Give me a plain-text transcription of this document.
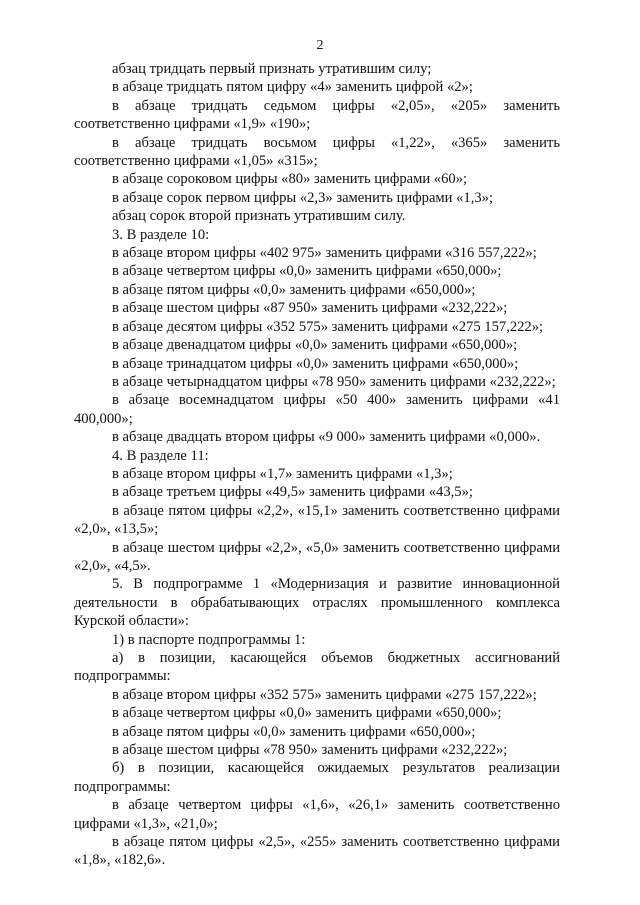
2

абзац тридцать первый признать утратившим силу;

в абзаце тридцать пятом цифру «4» заменить цифрой «2»;

в абзаце тридцать седьмом цифры «2,05», «205» заменить соответственно цифрами «1,9» «190»;

в абзаце тридцать восьмом цифры «1,22», «365» заменить соответственно цифрами «1,05» «315»;

в абзаце сороковом цифры «80» заменить цифрами «60»;

в абзаце сорок первом цифры «2,3» заменить цифрами «1,3»;

абзац сорок второй признать утратившим силу.

3. В разделе 10:

в абзаце втором цифры «402 975» заменить цифрами «316 557,222»;

в абзаце четвертом цифры «0,0» заменить цифрами «650,000»;

в абзаце пятом цифры «0,0» заменить цифрами «650,000»;

в абзаце шестом цифры «87 950» заменить цифрами «232,222»;

в абзаце десятом цифры «352 575» заменить цифрами «275 157,222»;

в абзаце двенадцатом цифры «0,0» заменить цифрами «650,000»;

в абзаце тринадцатом цифры «0,0» заменить цифрами «650,000»;

в абзаце четырнадцатом цифры «78 950» заменить цифрами «232,222»;

в абзаце восемнадцатом цифры «50 400» заменить цифрами «41 400,000»;

в абзаце двадцать втором цифры «9 000» заменить цифрами «0,000».

4. В разделе 11:

в абзаце втором цифры «1,7» заменить цифрами «1,3»;

в абзаце третьем цифры «49,5» заменить цифрами «43,5»;

в абзаце пятом цифры «2,2», «15,1» заменить соответственно цифрами «2,0», «13,5»;

в абзаце шестом цифры «2,2», «5,0» заменить соответственно цифрами «2,0», «4,5».

5. В подпрограмме 1 «Модернизация и развитие инновационной деятельности в обрабатывающих отраслях промышленного комплекса Курской области»:

1) в паспорте подпрограммы 1:

а) в позиции, касающейся объемов бюджетных ассигнований подпрограммы:

в абзаце втором цифры «352 575» заменить цифрами «275 157,222»;

в абзаце четвертом цифры «0,0» заменить цифрами «650,000»;

в абзаце пятом цифры «0,0» заменить цифрами «650,000»;

в абзаце шестом цифры «78 950» заменить цифрами «232,222»;

б) в позиции, касающейся ожидаемых результатов реализации подпрограммы:

в абзаце четвертом цифры «1,6», «26,1» заменить соответственно цифрами «1,3», «21,0»;

в абзаце пятом цифры «2,5», «255» заменить соответственно цифрами «1,8», «182,6».
